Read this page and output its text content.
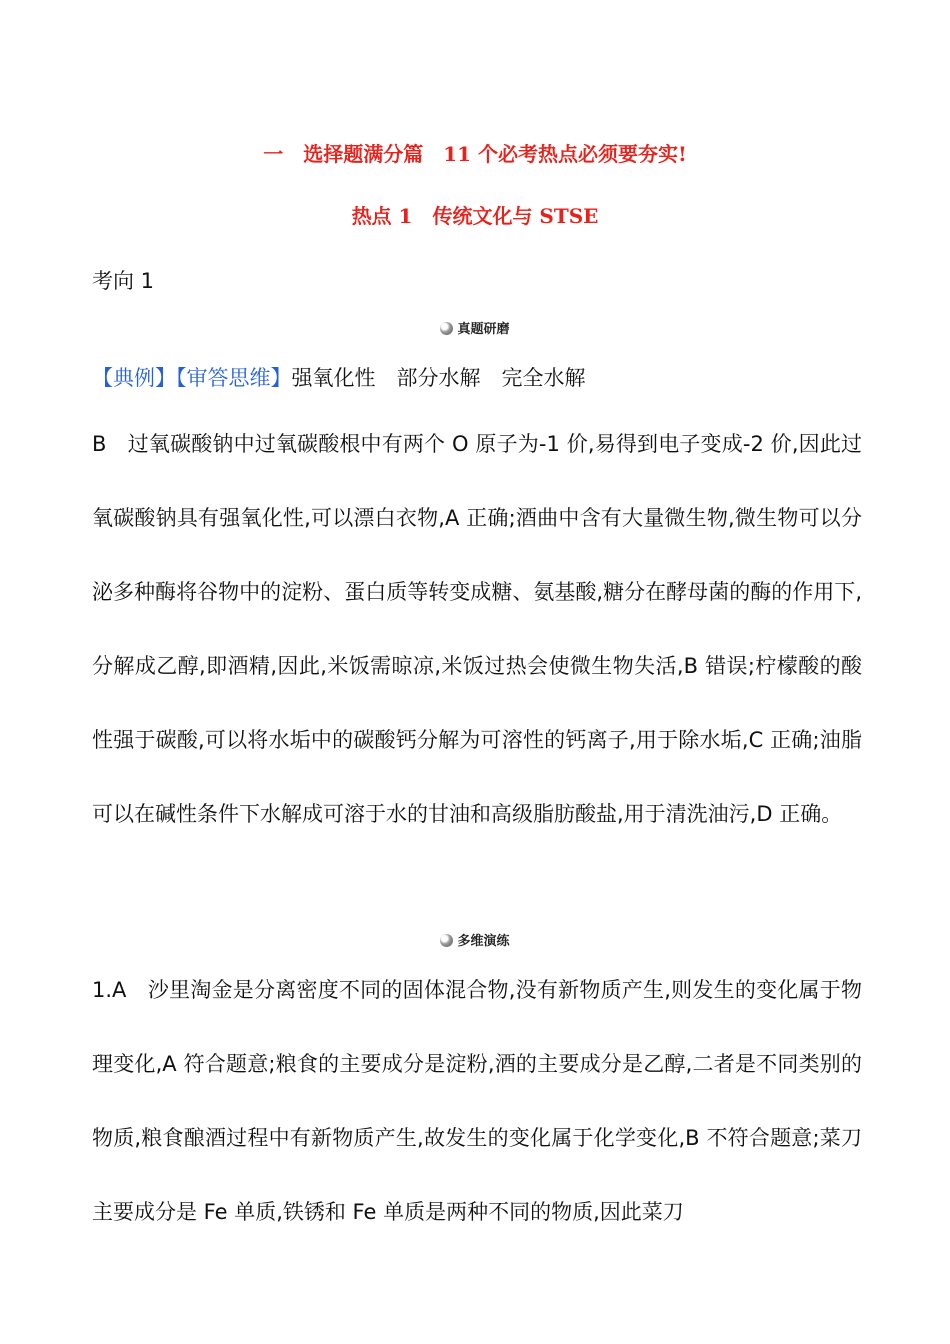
一　选择题满分篇　11 个必考热点必须要夯实!
热点 1　传统文化与 STSE
考向 1
真题研磨
【典例】【审答思维】强氧化性　部分水解　完全水解
B　过氧碳酸钠中过氧碳酸根中有两个 O 原子为-1 价,易得到电子变成-2 价,因此过氧碳酸钠具有强氧化性,可以漂白衣物,A 正确;酒曲中含有大量微生物,微生物可以分泌多种酶将谷物中的淀粉、蛋白质等转变成糖、氨基酸,糖分在酵母菌的酶的作用下,分解成乙醇,即酒精,因此,米饭需晾凉,米饭过热会使微生物失活,B 错误;柠檬酸的酸性强于碳酸,可以将水垢中的碳酸钙分解为可溶性的钙离子,用于除水垢,C 正确;油脂可以在碱性条件下水解成可溶于水的甘油和高级脂肪酸盐,用于清洗油污,D 正确。
多维演练
1.A　沙里淘金是分离密度不同的固体混合物,没有新物质产生,则发生的变化属于物理变化,A 符合题意;粮食的主要成分是淀粉,酒的主要成分是乙醇,二者是不同类别的物质,粮食酿酒过程中有新物质产生,故发生的变化属于化学变化,B 不符合题意;菜刀主要成分是 Fe 单质,铁锈和 Fe 单质是两种不同的物质,因此菜刀
